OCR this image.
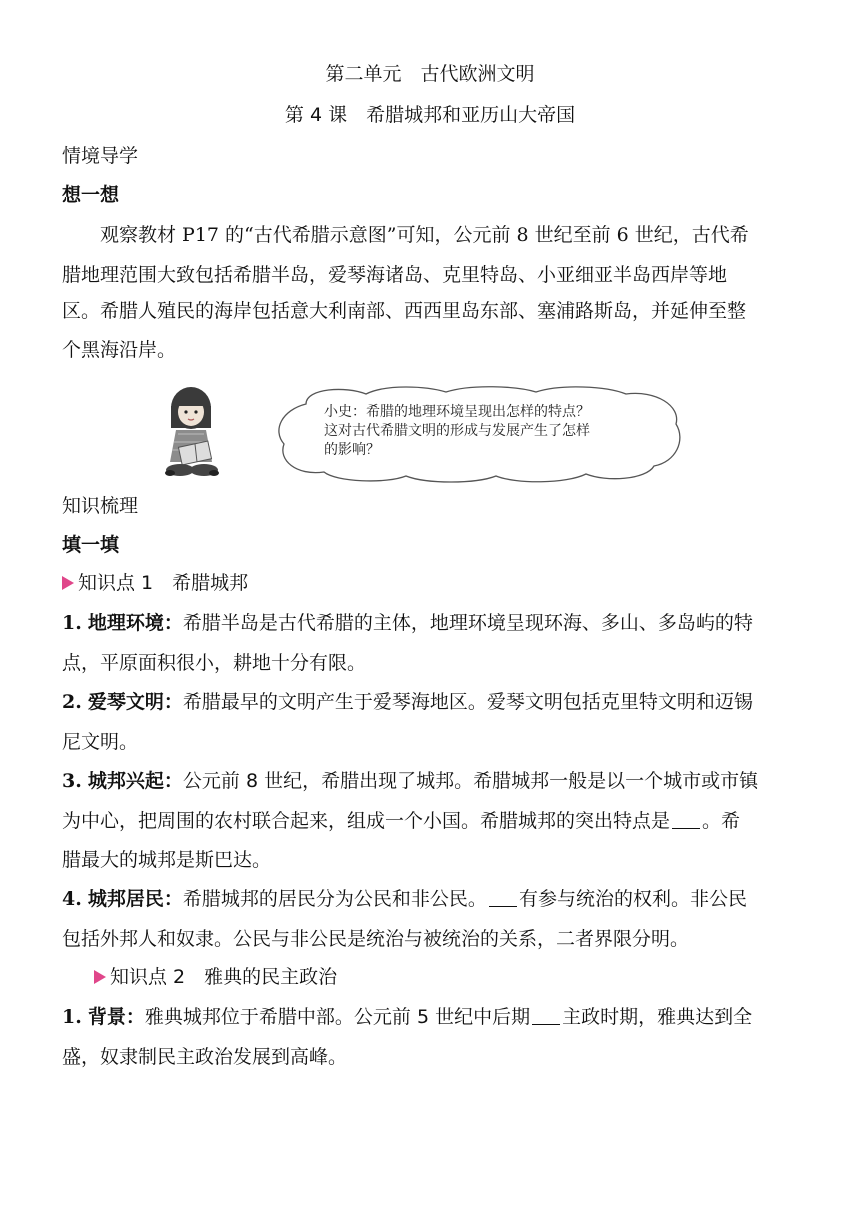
第二单元　古代欧洲文明
第 4 课　希腊城邦和亚历山大帝国
情境导学
想一想
观察教材 P17 的“古代希腊示意图”可知，公元前 8 世纪至前 6 世纪，古代希
腊地理范围大致包括希腊半岛，爱琴海诸岛、克里特岛、小亚细亚半岛西岸等地
区。希腊人殖民的海岸包括意大利南部、西西里岛东部、塞浦路斯岛，并延伸至整
个黑海沿岸。
小史：希腊的地理环境呈现出怎样的特点？
这对古代希腊文明的形成与发展产生了怎样
的影响？
知识梳理
填一填
知识点 1　希腊城邦
1. 地理环境：希腊半岛是古代希腊的主体，地理环境呈现环海、多山、多岛屿的特
点，平原面积很小，耕地十分有限。
2. 爱琴文明：希腊最早的文明产生于爱琴海地区。爱琴文明包括克里特文明和迈锡
尼文明。
3. 城邦兴起：公元前 8 世纪，希腊出现了城邦。希腊城邦一般是以一个城市或市镇
为中心，把周围的农村联合起来，组成一个小国。希腊城邦的突出特点是 。希
腊最大的城邦是斯巴达。
4. 城邦居民：希腊城邦的居民分为公民和非公民。 有参与统治的权利。非公民
包括外邦人和奴隶。公民与非公民是统治与被统治的关系，二者界限分明。
知识点 2　雅典的民主政治
1. 背景：雅典城邦位于希腊中部。公元前 5 世纪中后期 主政时期，雅典达到全
盛，奴隶制民主政治发展到高峰。
